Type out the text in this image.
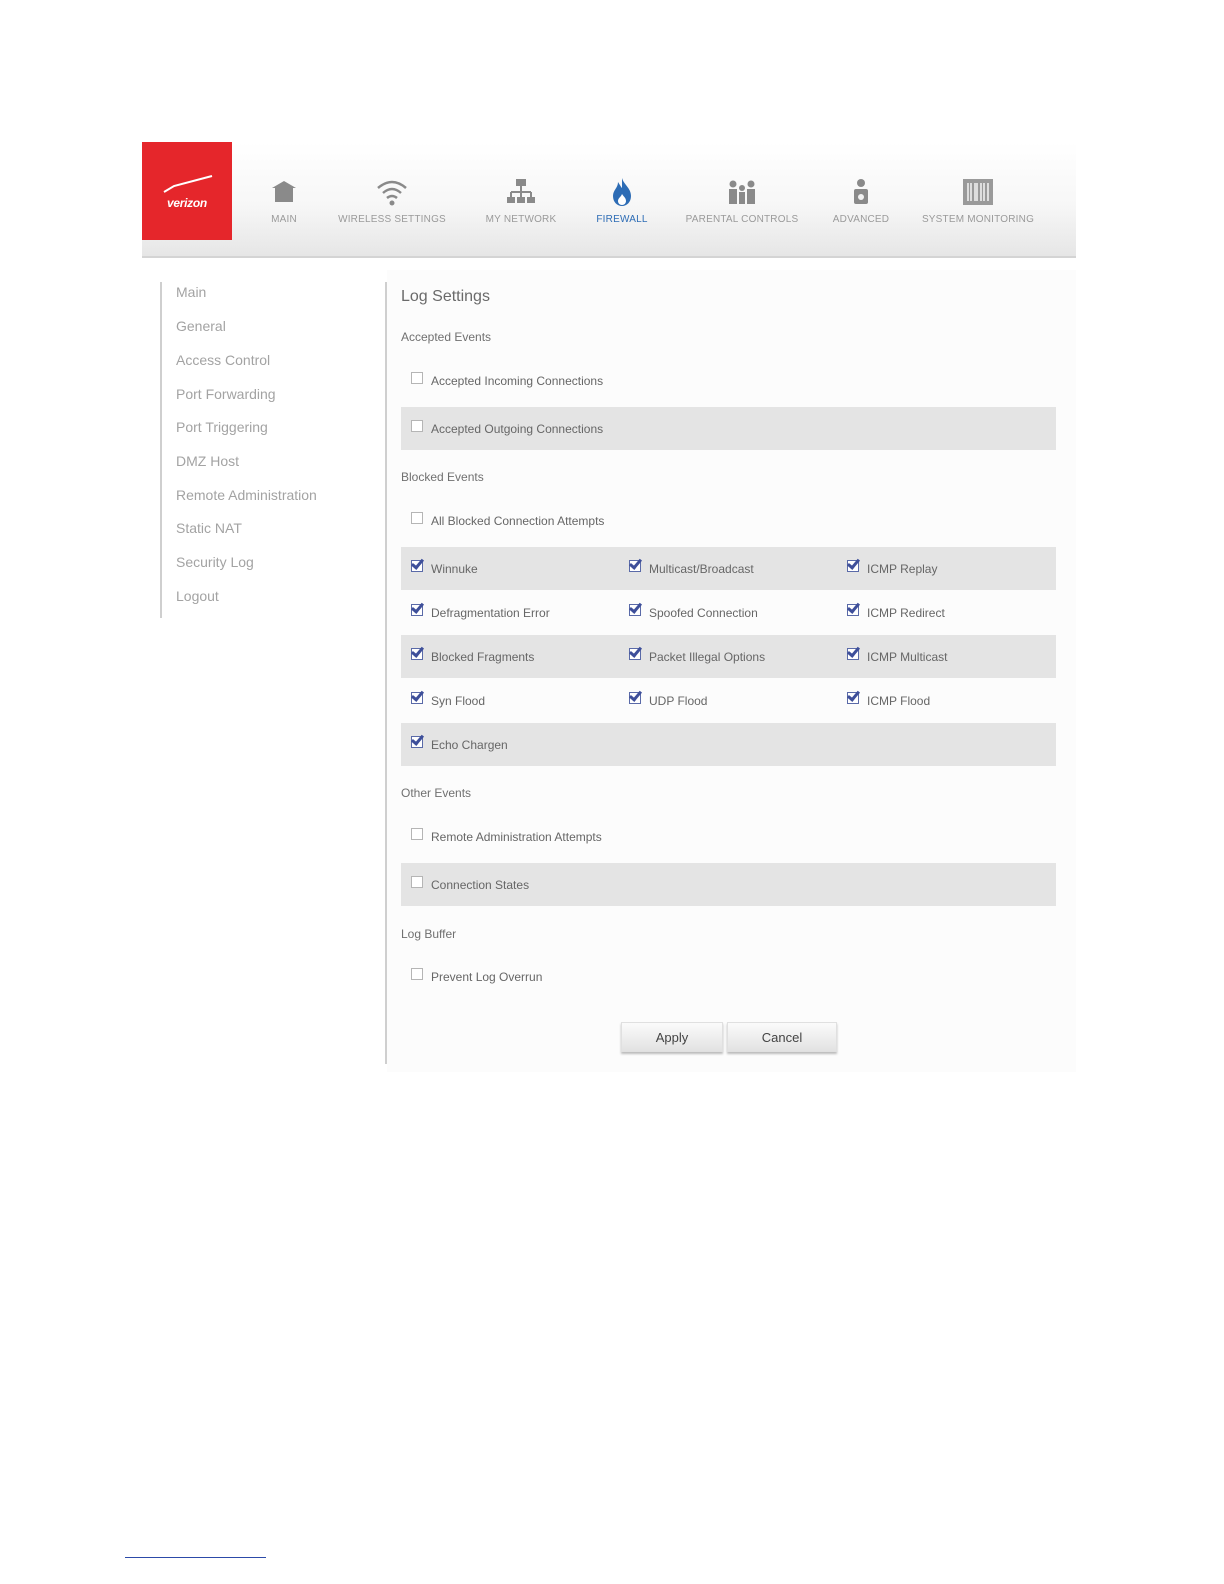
verizon
MAIN	WIRELESS SETTINGS	MY NETWORK	FIREWALL	PARENTAL CONTROLS	ADVANCED	SYSTEM MONITORING
Main
General
Access Control
Port Forwarding
Port Triggering
DMZ Host
Remote Administration
Static NAT
Security Log
Logout
Log Settings
Accepted Events
Accepted Incoming Connections
Accepted Outgoing Connections
Blocked Events
All Blocked Connection Attempts
Winnuke	Multicast/Broadcast	ICMP Replay
Defragmentation Error	Spoofed Connection	ICMP Redirect
Blocked Fragments	Packet Illegal Options	ICMP Multicast
Syn Flood	UDP Flood	ICMP Flood
Echo Chargen
Other Events
Remote Administration Attempts
Connection States
Log Buffer
Prevent Log Overrun
Apply	Cancel
